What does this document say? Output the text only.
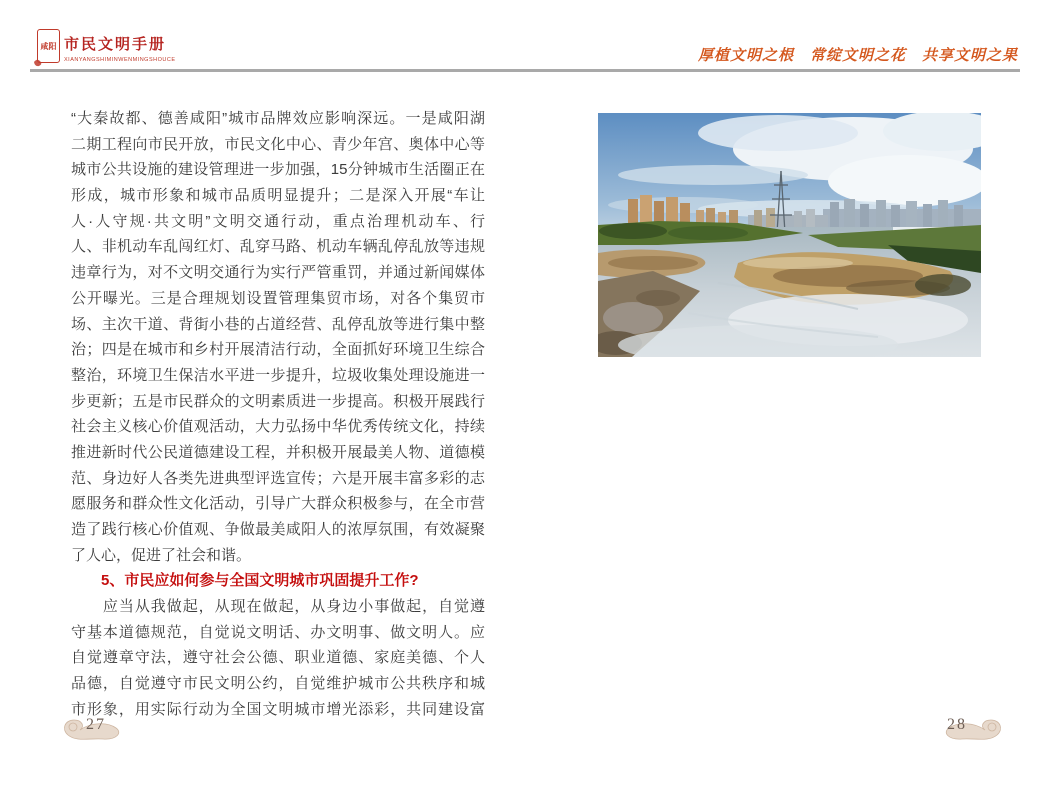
咸阳 市民文明手册
XIANYANGSHIMINWENMINGSHOUCE	厚植文明之根　常绽文明之花　共享文明之果
“大秦故都、德善咸阳”城市品牌效应影响深远。一是咸阳湖
二期工程向市民开放，市民文化中心、青少年宫、奥体中心等
城市公共设施的建设管理进一步加强，15分钟城市生活圈正在
形成，城市形象和城市品质明显提升；二是深入开展“车让
人·人守规·共文明”文明交通行动，重点治理机动车、行
人、非机动车乱闯红灯、乱穿马路、机动车辆乱停乱放等违规
违章行为，对不文明交通行为实行严管重罚，并通过新闻媒体
公开曝光。三是合理规划设置管理集贸市场，对各个集贸市
场、主次干道、背街小巷的占道经营、乱停乱放等进行集中整
治；四是在城市和乡村开展清洁行动，全面抓好环境卫生综合
整治，环境卫生保洁水平进一步提升，垃圾收集处理设施进一
步更新；五是市民群众的文明素质进一步提高。积极开展践行
社会主义核心价值观活动，大力弘扬中华优秀传统文化，持续
推进新时代公民道德建设工程，并积极开展最美人物、道德模
范、身边好人各类先进典型评选宣传；六是开展丰富多彩的志
愿服务和群众性文化活动，引导广大群众积极参与，在全市营
造了践行核心价值观、争做最美咸阳人的浓厚氛围，有效凝聚
了人心，促进了社会和谐。
　　5、市民应如何参与全国文明城市巩固提升工作?
　　应当从我做起，从现在做起，从身边小事做起，自觉遵
守基本道德规范，自觉说文明话、办文明事、做文明人。应
自觉遵章守法，遵守社会公德、职业道德、家庭美德、个人
品德，自觉遵守市民文明公约，自觉维护城市公共秩序和城
市形象，用实际行动为全国文明城市增光添彩，共同建设富
27	28
